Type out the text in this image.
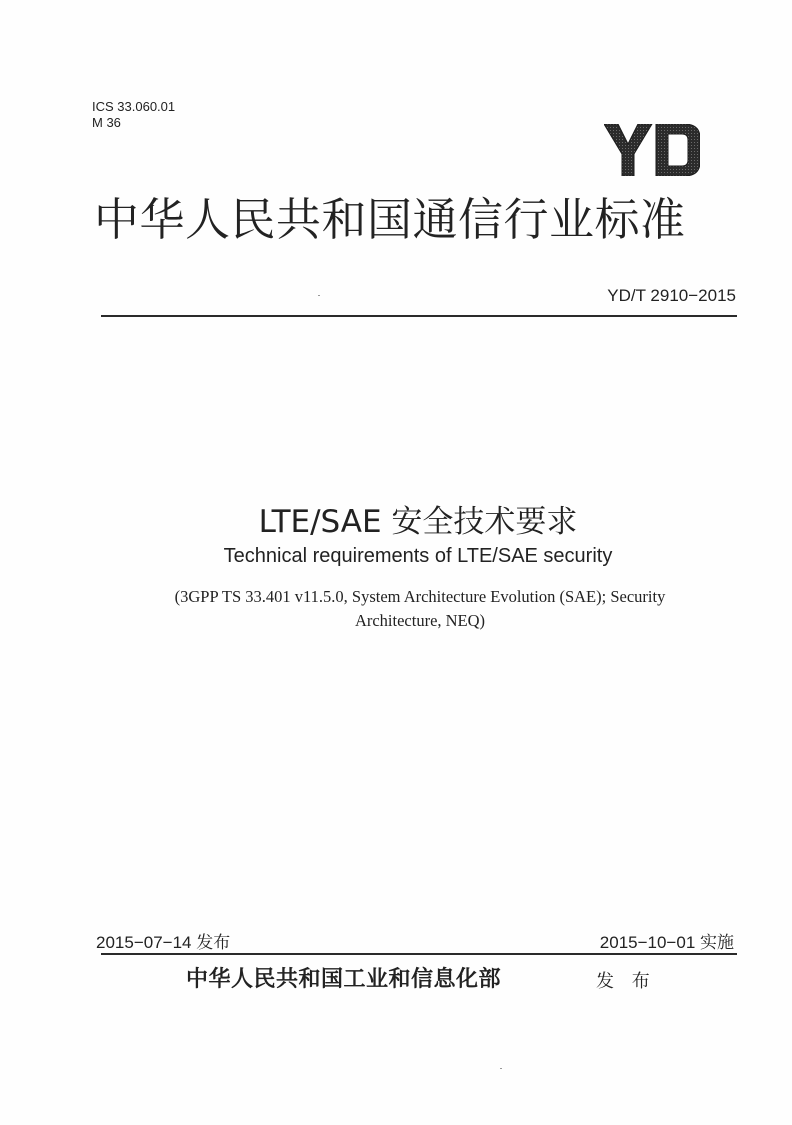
ICS 33.060.01
M 36
中华人民共和国通信行业标准
YD/T 2910−2015
LTE/SAE 安全技术要求
Technical requirements of LTE/SAE security
(3GPP TS 33.401 v11.5.0, System Architecture Evolution (SAE); Security
Architecture, NEQ)
2015−07−14 发布	2015−10−01 实施
中华人民共和国工业和信息化部	发 布
